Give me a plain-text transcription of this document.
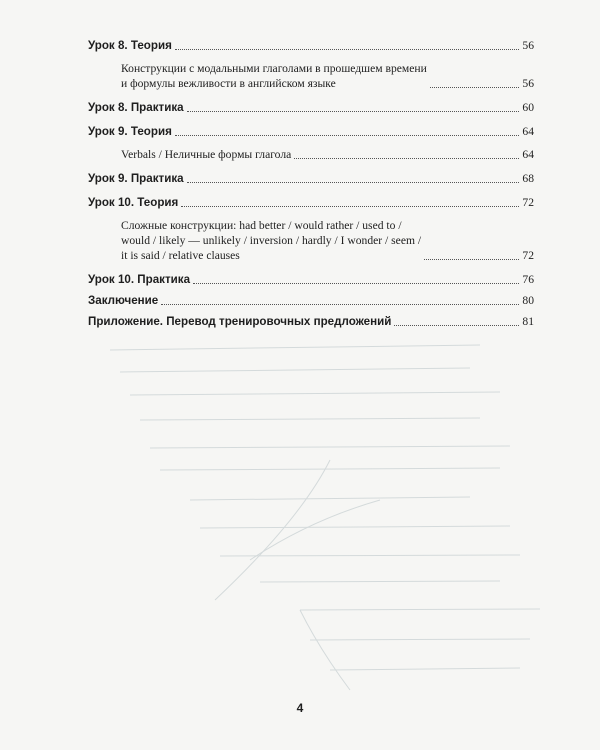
Урок 8. Теория	56
Конструкции с модальными глаголами в прошедшем времени
и формулы вежливости в английском языке	56
Урок 8. Практика	60
Урок 9. Теория	64
Verbals / Неличные формы глагола	64
Урок 9. Практика	68
Урок 10. Теория	72
Сложные конструкции: had better / would rather / used to /
would / likely — unlikely / inversion / hardly / I wonder / seem /
it is said / relative clauses	72
Урок 10. Практика	76
Заключение	80
Приложение. Перевод тренировочных предложений	81
4
